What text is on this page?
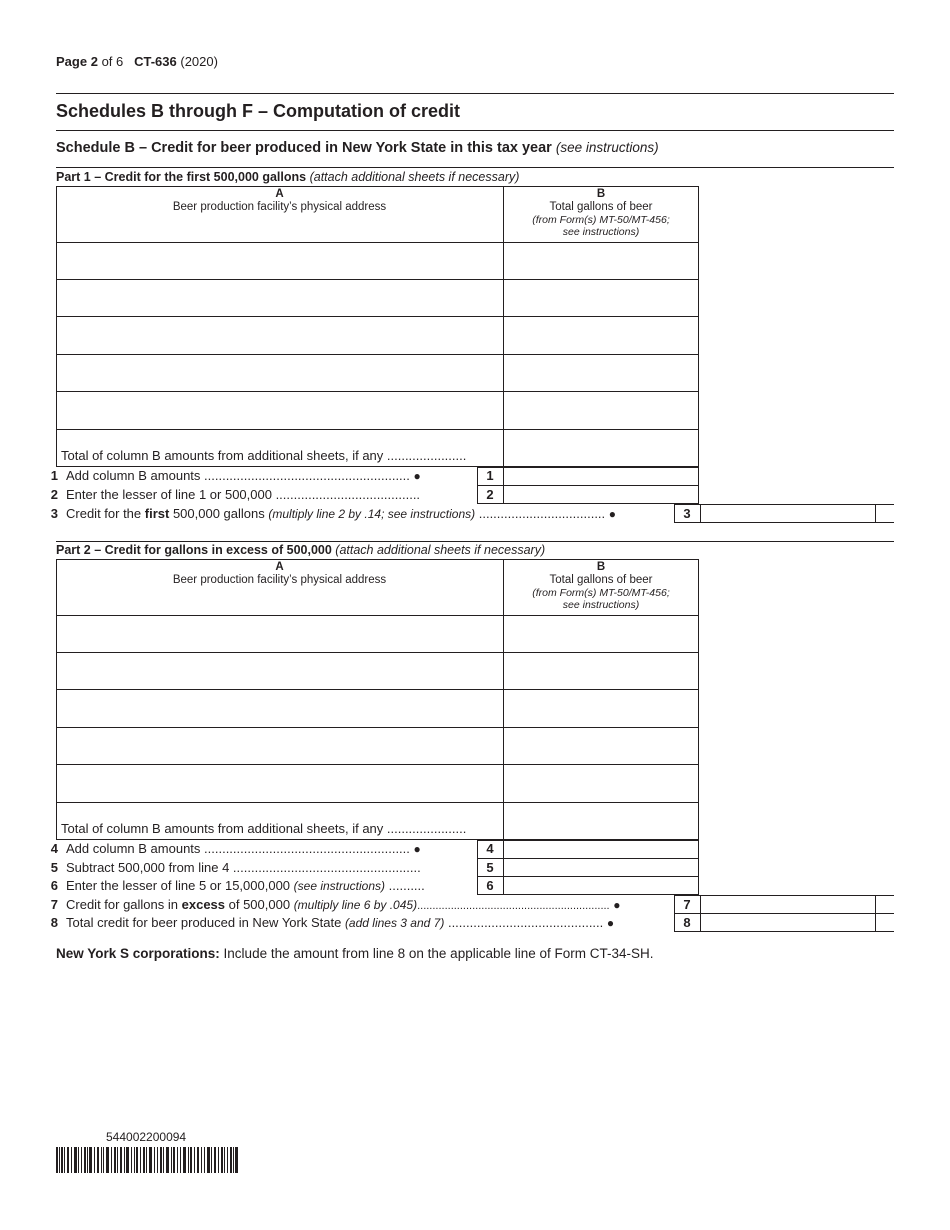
Page 2 of 6 CT-636 (2020)
Schedules B through F – Computation of credit
Schedule B – Credit for beer produced in New York State in this tax year (see instructions)
Part 1 – Credit for the first 500,000 gallons (attach additional sheets if necessary)
A
Beer production facility’s physical address
B
Total gallons of beer
(from Form(s) MT-50/MT-456;
see instructions)
Total of column B amounts from additional sheets, if any ......................
1 Add column B amounts ......................................................... ●	1
2 Enter the lesser of line 1 or 500,000 ........................................	2
3 Credit for the first 500,000 gallons (multiply line 2 by .14; see instructions) ................................... ●	3
Part 2 – Credit for gallons in excess of 500,000 (attach additional sheets if necessary)
A
Beer production facility’s physical address
B
Total gallons of beer
(from Form(s) MT-50/MT-456;
see instructions)
Total of column B amounts from additional sheets, if any ......................
4 Add column B amounts ......................................................... ●	4
5 Subtract 500,000 from line 4 ....................................................	5
6 Enter the lesser of line 5 or 15,000,000 (see instructions) ..........	6
7 Credit for gallons in excess of 500,000 (multiply line 6 by .045)............................................................... ●	7
8 Total credit for beer produced in New York State (add lines 3 and 7) ........................................... ●	8
New York S corporations: Include the amount from line 8 on the applicable line of Form CT-34-SH.
544002200094
